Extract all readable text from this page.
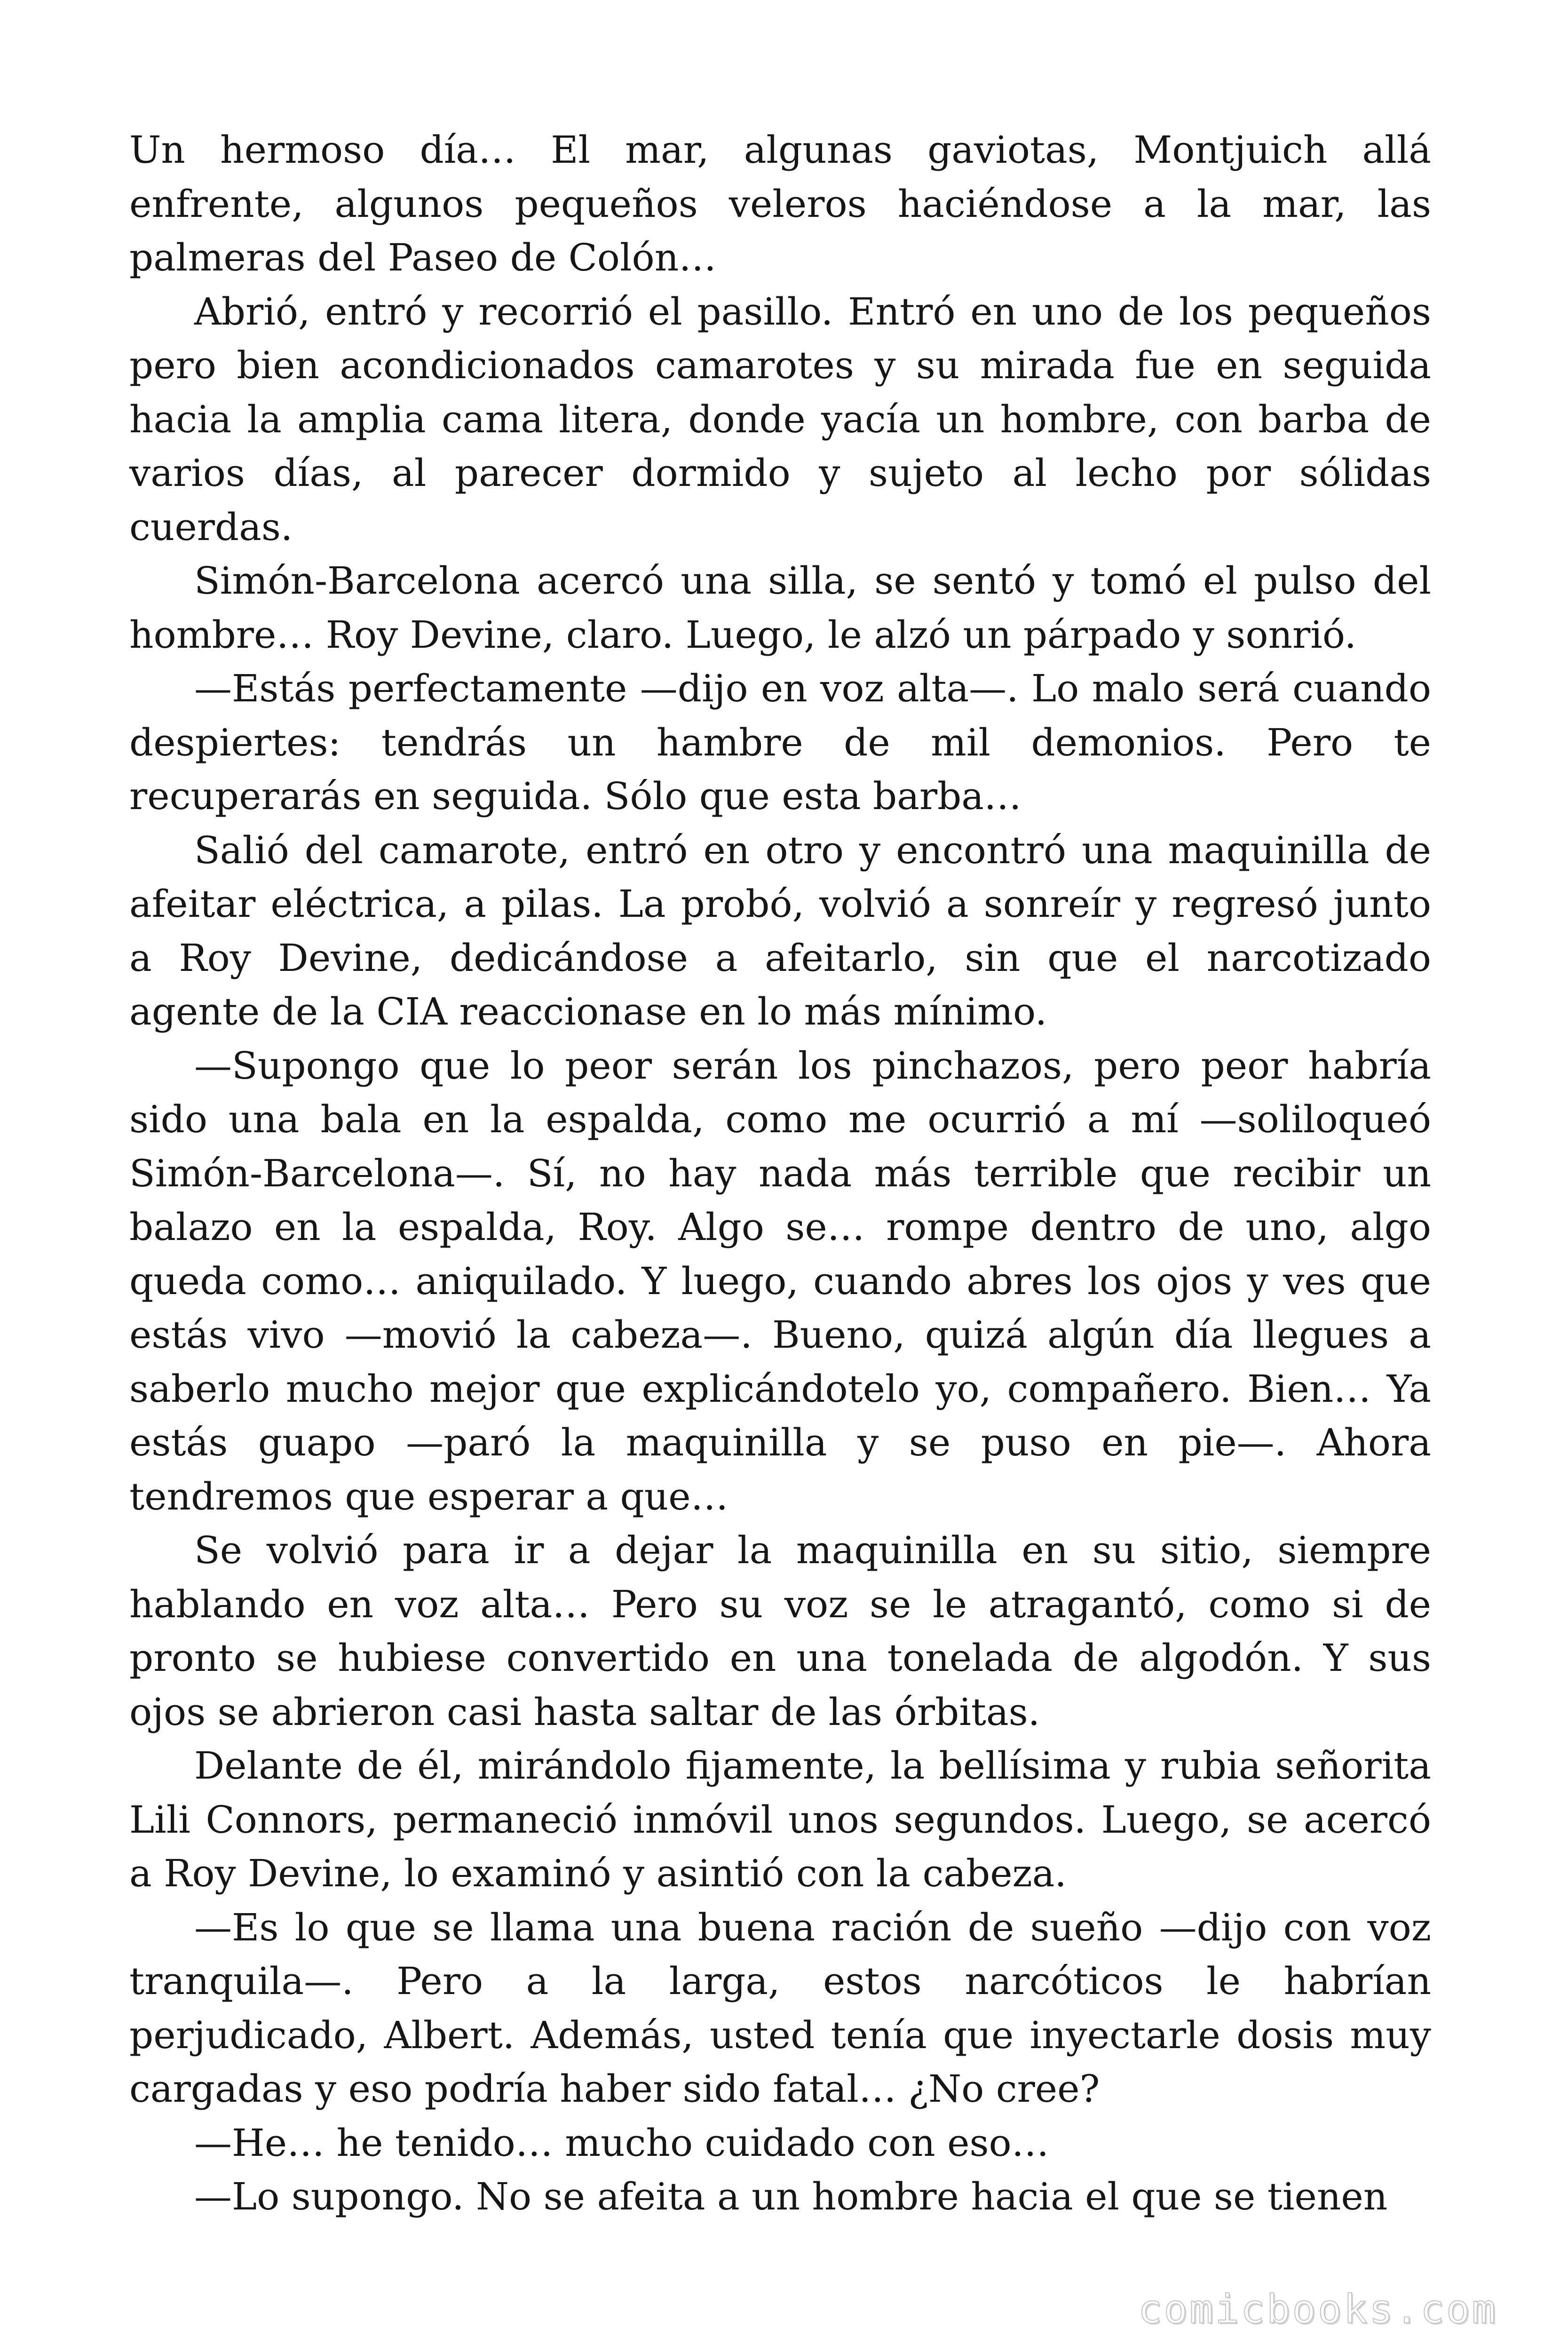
Un hermoso día… El mar, algunas gaviotas, Montjuich allá enfrente, algunos pequeños veleros haciéndose a la mar, las palmeras del Paseo de Colón…

Abrió, entró y recorrió el pasillo. Entró en uno de los pequeños pero bien acondicionados camarotes y su mirada fue en seguida hacia la amplia cama litera, donde yacía un hombre, con barba de varios días, al parecer dormido y sujeto al lecho por sólidas cuerdas.

Simón-Barcelona acercó una silla, se sentó y tomó el pulso del hombre… Roy Devine, claro. Luego, le alzó un párpado y sonrió.

—Estás perfectamente —dijo en voz alta—. Lo malo será cuando despiertes: tendrás un hambre de mil demonios. Pero te recuperarás en seguida. Sólo que esta barba…

Salió del camarote, entró en otro y encontró una maquinilla de afeitar eléctrica, a pilas. La probó, volvió a sonreír y regresó junto a Roy Devine, dedicándose a afeitarlo, sin que el narcotizado agente de la CIA reaccionase en lo más mínimo.

—Supongo que lo peor serán los pinchazos, pero peor habría sido una bala en la espalda, como me ocurrió a mí —soliloqueó Simón-Barcelona—. Sí, no hay nada más terrible que recibir un balazo en la espalda, Roy. Algo se… rompe dentro de uno, algo queda como… aniquilado. Y luego, cuando abres los ojos y ves que estás vivo —movió la cabeza—. Bueno, quizá algún día llegues a saberlo mucho mejor que explicándotelo yo, compañero. Bien… Ya estás guapo —paró la maquinilla y se puso en pie—. Ahora tendremos que esperar a que…

Se volvió para ir a dejar la maquinilla en su sitio, siempre hablando en voz alta… Pero su voz se le atragantó, como si de pronto se hubiese convertido en una tonelada de algodón. Y sus ojos se abrieron casi hasta saltar de las órbitas.

Delante de él, mirándolo fijamente, la bellísima y rubia señorita Lili Connors, permaneció inmóvil unos segundos. Luego, se acercó a Roy Devine, lo examinó y asintió con la cabeza.

—Es lo que se llama una buena ración de sueño —dijo con voz tranquila—. Pero a la larga, estos narcóticos le habrían perjudicado, Albert. Además, usted tenía que inyectarle dosis muy cargadas y eso podría haber sido fatal… ¿No cree?

—He… he tenido… mucho cuidado con eso…

—Lo supongo. No se afeita a un hombre hacia el que se tienen

comicbooks.com
